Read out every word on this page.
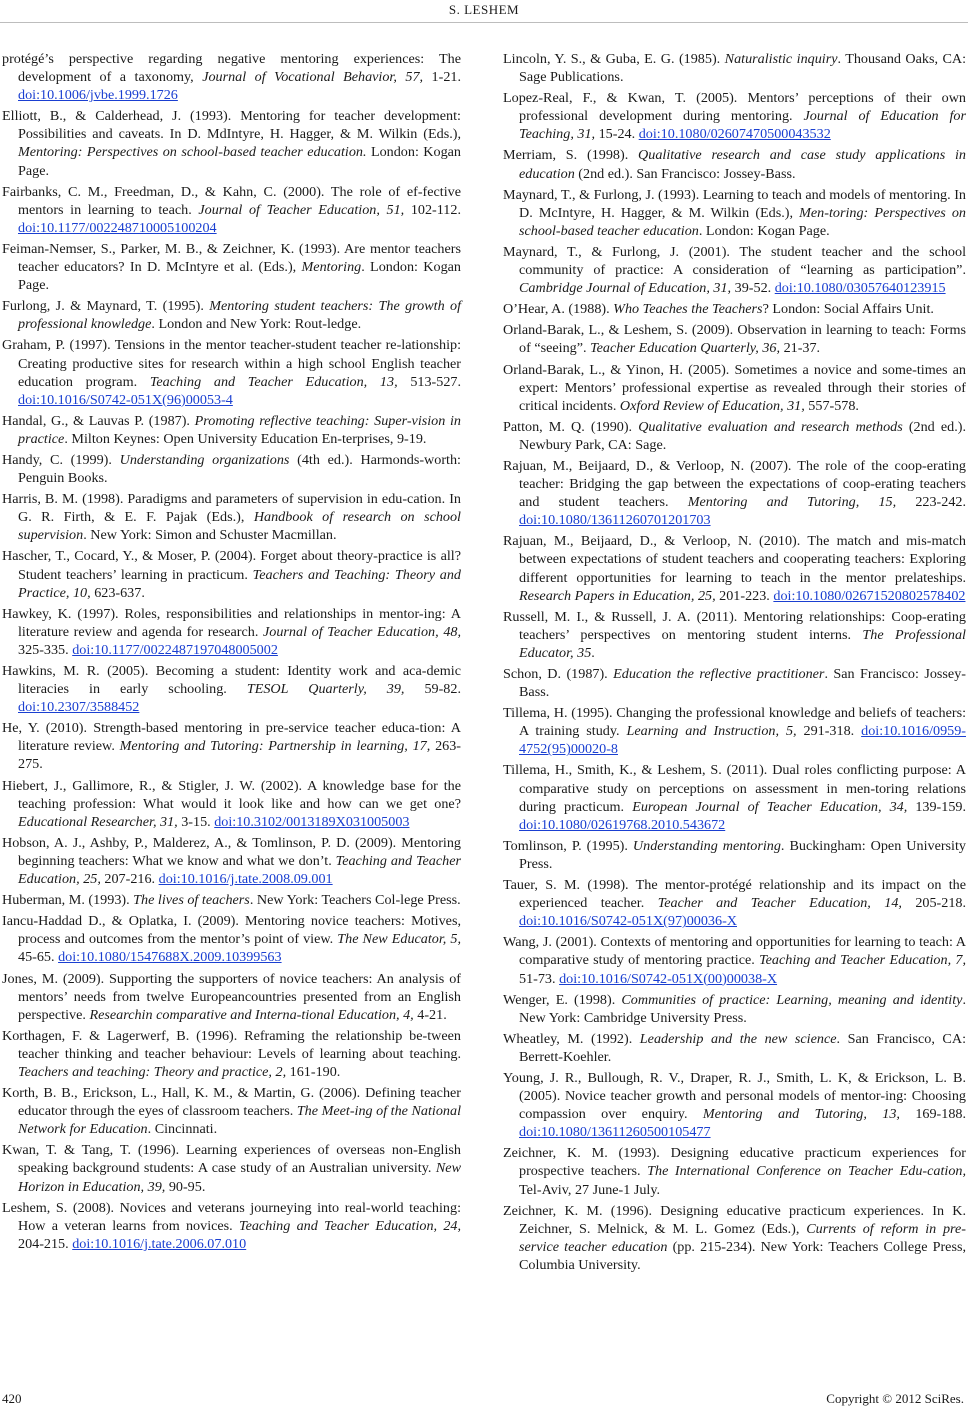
S. LESHEM

protégé’s perspective regarding negative mentoring experiences: The development of a taxonomy, Journal of Vocational Behavior, 57, 1-21. doi:10.1006/jvbe.1999.1726

Elliott, B., & Calderhead, J. (1993). Mentoring for teacher development: Possibilities and caveats. In D. MdIntyre, H. Hagger, & M. Wilkin (Eds.), Mentoring: Perspectives on school-based teacher education. London: Kogan Page.

Fairbanks, C. M., Freedman, D., & Kahn, C. (2000). The role of ef-fective mentors in learning to teach. Journal of Teacher Education, 51, 102-112. doi:10.1177/002248710005100204

Feiman-Nemser, S., Parker, M. B., & Zeichner, K. (1993). Are mentor teachers teacher educators? In D. McIntyre et al. (Eds.), Mentoring. London: Kogan Page.

Furlong, J. & Maynard, T. (1995). Mentoring student teachers: The growth of professional knowledge. London and New York: Rout-ledge.

Graham, P. (1997). Tensions in the mentor teacher-student teacher re-lationship: Creating productive sites for research within a high school English teacher education program. Teaching and Teacher Education, 13, 513-527. doi:10.1016/S0742-051X(96)00053-4

Handal, G., & Lauvas P. (1987). Promoting reflective teaching: Super-vision in practice. Milton Keynes: Open University Education En-terprises, 9-19.

Handy, C. (1999). Understanding organizations (4th ed.). Harmonds-worth: Penguin Books.

Harris, B. M. (1998). Paradigms and parameters of supervision in edu-cation. In G. R. Firth, & E. F. Pajak (Eds.), Handbook of research on school supervision. New York: Simon and Schuster Macmillan.

Hascher, T., Cocard, Y., & Moser, P. (2004). Forget about theory-practice is all? Student teachers’ learning in practicum. Teachers and Teaching: Theory and Practice, 10, 623-637.

Hawkey, K. (1997). Roles, responsibilities and relationships in mentor-ing: A literature review and agenda for research. Journal of Teacher Education, 48, 325-335. doi:10.1177/0022487197048005002

Hawkins, M. R. (2005). Becoming a student: Identity work and aca-demic literacies in early schooling. TESOL Quarterly, 39, 59-82. doi:10.2307/3588452

He, Y. (2010). Strength-based mentoring in pre-service teacher educa-tion: A literature review. Mentoring and Tutoring: Partnership in learning, 17, 263-275.

Hiebert, J., Gallimore, R., & Stigler, J. W. (2002). A knowledge base for the teaching profession: What would it look like and how can we get one? Educational Researcher, 31, 3-15. doi:10.3102/0013189X031005003

Hobson, A. J., Ashby, P., Malderez, A., & Tomlinson, P. D. (2009). Mentoring beginning teachers: What we know and what we don’t. Teaching and Teacher Education, 25, 207-216. doi:10.1016/j.tate.2008.09.001

Huberman, M. (1993). The lives of teachers. New York: Teachers Col-lege Press.

Iancu-Haddad D., & Oplatka, I. (2009). Mentoring novice teachers: Motives, process and outcomes from the mentor’s point of view. The New Educator, 5, 45-65. doi:10.1080/1547688X.2009.10399563

Jones, M. (2009). Supporting the supporters of novice teachers: An analysis of mentors’ needs from twelve Europeancountries presented from an English perspective. Researchin comparative and Interna-tional Education, 4, 4-21.

Korthagen, F. & Lagerwerf, B. (1996). Reframing the relationship be-tween teacher thinking and teacher behaviour: Levels of learning about teaching. Teachers and teaching: Theory and practice, 2, 161-190.

Korth, B. B., Erickson, L., Hall, K. M., & Martin, G. (2006). Defining teacher educator through the eyes of classroom teachers. The Meet-ing of the National Network for Education. Cincinnati.

Kwan, T. & Tang, T. (1996). Learning experiences of overseas non-English speaking background students: A case study of an Australian university. New Horizon in Education, 39, 90-95.

Leshem, S. (2008). Novices and veterans journeying into real-world teaching: How a veteran learns from novices. Teaching and Teacher Education, 24, 204-215. doi:10.1016/j.tate.2006.07.010

Lincoln, Y. S., & Guba, E. G. (1985). Naturalistic inquiry. Thousand Oaks, CA: Sage Publications.

Lopez-Real, F., & Kwan, T. (2005). Mentors’ perceptions of their own professional development during mentoring. Journal of Education for Teaching, 31, 15-24. doi:10.1080/02607470500043532

Merriam, S. (1998). Qualitative research and case study applications in education (2nd ed.). San Francisco: Jossey-Bass.

Maynard, T., & Furlong, J. (1993). Learning to teach and models of mentoring. In D. McIntyre, H. Hagger, & M. Wilkin (Eds.), Men-toring: Perspectives on school-based teacher education. London: Kogan Page.

Maynard, T., & Furlong, J. (2001). The student teacher and the school community of practice: A consideration of “learning as participation”. Cambridge Journal of Education, 31, 39-52. doi:10.1080/03057640123915

O’Hear, A. (1988). Who Teaches the Teachers? London: Social Affairs Unit.

Orland-Barak, L., & Leshem, S. (2009). Observation in learning to teach: Forms of “seeing”. Teacher Education Quarterly, 36, 21-37.

Orland-Barak, L., & Yinon, H. (2005). Sometimes a novice and some-times an expert: Mentors’ professional expertise as revealed through their stories of critical incidents. Oxford Review of Education, 31, 557-578.

Patton, M. Q. (1990). Qualitative evaluation and research methods (2nd ed.). Newbury Park, CA: Sage.

Rajuan, M., Beijaard, D., & Verloop, N. (2007). The role of the coop-erating teacher: Bridging the gap between the expectations of coop-erating teachers and student teachers. Mentoring and Tutoring, 15, 223-242. doi:10.1080/13611260701201703

Rajuan, M., Beijaard, D., & Verloop, N. (2010). The match and mis-match between expectations of student teachers and cooperating teachers: Exploring different opportunities for learning to teach in the mentor prelateships. Research Papers in Education, 25, 201-223. doi:10.1080/02671520802578402

Russell, M. I., & Russell, J. A. (2011). Mentoring relationships: Coop-erating teachers’ perspectives on mentoring student interns. The Professional Educator, 35.

Schon, D. (1987). Education the reflective practitioner. San Francisco: Jossey-Bass.

Tillema, H. (1995). Changing the professional knowledge and beliefs of teachers: A training study. Learning and Instruction, 5, 291-318. doi:10.1016/0959-4752(95)00020-8

Tillema, H., Smith, K., & Leshem, S. (2011). Dual roles conflicting purpose: A comparative study on perceptions on assessment in men-toring relations during practicum. European Journal of Teacher Education, 34, 139-159. doi:10.1080/02619768.2010.543672

Tomlinson, P. (1995). Understanding mentoring. Buckingham: Open University Press.

Tauer, S. M. (1998). The mentor-protégé relationship and its impact on the experienced teacher. Teacher and Teacher Education, 14, 205-218. doi:10.1016/S0742-051X(97)00036-X

Wang, J. (2001). Contexts of mentoring and opportunities for learning to teach: A comparative study of mentoring practice. Teaching and Teacher Education, 7, 51-73. doi:10.1016/S0742-051X(00)00038-X

Wenger, E. (1998). Communities of practice: Learning, meaning and identity. New York: Cambridge University Press.

Wheatley, M. (1992). Leadership and the new science. San Francisco, CA: Berrett-Koehler.

Young, J. R., Bullough, R. V., Draper, R. J., Smith, L. K, & Erickson, L. B. (2005). Novice teacher growth and personal models of mentor-ing: Choosing compassion over enquiry. Mentoring and Tutoring, 13, 169-188. doi:10.1080/13611260500105477

Zeichner, K. M. (1993). Designing educative practicum experiences for prospective teachers. The International Conference on Teacher Edu-cation, Tel-Aviv, 27 June-1 July.

Zeichner, K. M. (1996). Designing educative practicum experiences. In K. Zeichner, S. Melnick, & M. L. Gomez (Eds.), Currents of reform in pre-service teacher education (pp. 215-234). New York: Teachers College Press, Columbia University.

420	Copyright © 2012 SciRes.
